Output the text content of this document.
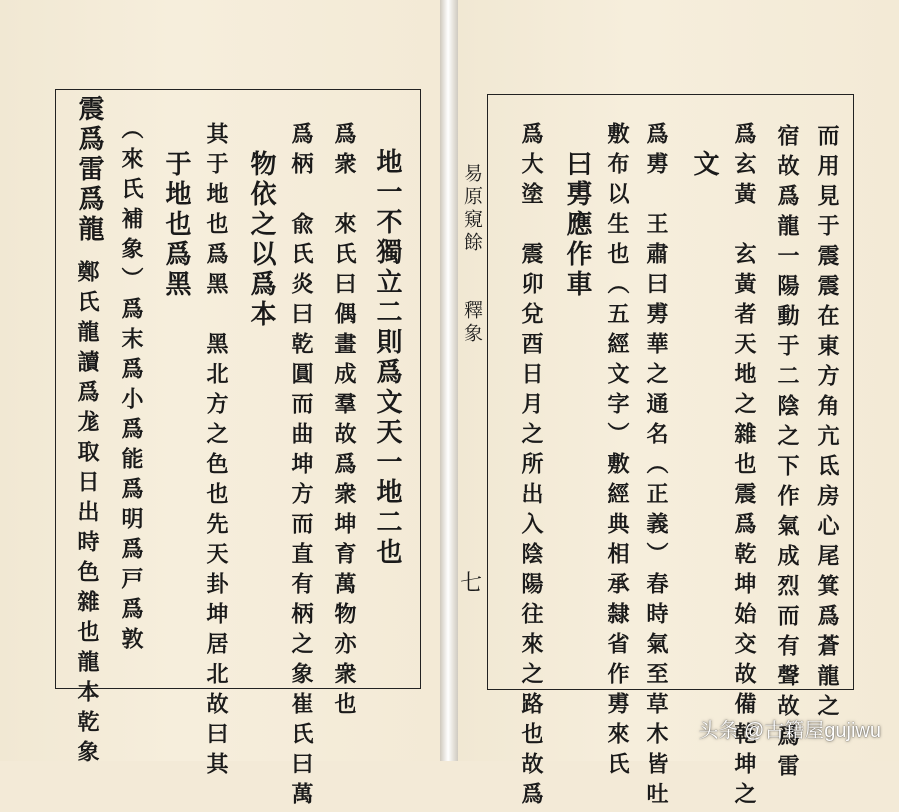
地一不獨立二則爲文天一地二也
爲衆　來氏曰偶畫成羣故爲衆坤育萬物亦衆也
爲柄　兪氏炎曰乾圓而曲坤方而直有柄之象崔氏曰萬
物依之以爲本
其于地也爲黑　黑北方之色也先天卦坤居北故曰其
于地也爲黑
（來氏補象）爲末爲小爲能爲明爲戸爲敦
震爲雷爲龍
鄭氏龍讀爲尨取日出時色雜也龍本乾象
易原窺餘
釋象
七	而用見于震震在東方角亢氐房心尾箕爲蒼龍之
宿故爲龍一陽動于二陰之下作氣成烈而有聲故爲雷
爲玄黃　玄黃者天地之雜也震爲乾坤始交故備乾坤之
文
爲旉　王肅曰旉華之通名（正義）春時氣至草木皆吐
敷布以生也（五經文字）敷經典相承隸省作旉來氏
曰旉應作車
爲大塗　震卯兌酉日月之所出入陰陽往來之路也故爲	头条 @古籍屋gujiwu
